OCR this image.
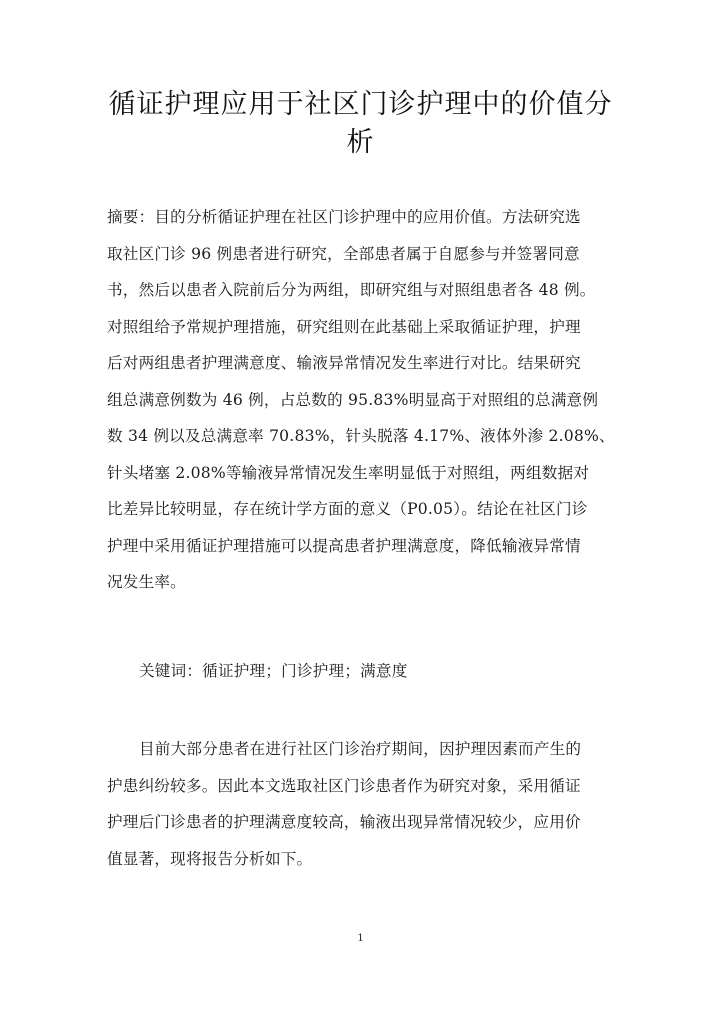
循证护理应用于社区门诊护理中的价值分
析
摘要：目的分析循证护理在社区门诊护理中的应用价值。方法研究选
取社区门诊 96 例患者进行研究，全部患者属于自愿参与并签署同意
书，然后以患者入院前后分为两组，即研究组与对照组患者各 48 例。
对照组给予常规护理措施，研究组则在此基础上采取循证护理，护理
后对两组患者护理满意度、输液异常情况发生率进行对比。结果研究
组总满意例数为 46 例，占总数的 95.83%明显高于对照组的总满意例
数 34 例以及总满意率 70.83%，针头脱落 4.17%、液体外渗 2.08%、
针头堵塞 2.08%等输液异常情况发生率明显低于对照组，两组数据对
比差异比较明显，存在统计学方面的意义（P0.05）。结论在社区门诊
护理中采用循证护理措施可以提高患者护理满意度，降低输液异常情
况发生率。
关键词：循证护理；门诊护理；满意度
目前大部分患者在进行社区门诊治疗期间，因护理因素而产生的
护患纠纷较多。因此本文选取社区门诊患者作为研究对象，采用循证
护理后门诊患者的护理满意度较高，输液出现异常情况较少，应用价
值显著，现将报告分析如下。
1
